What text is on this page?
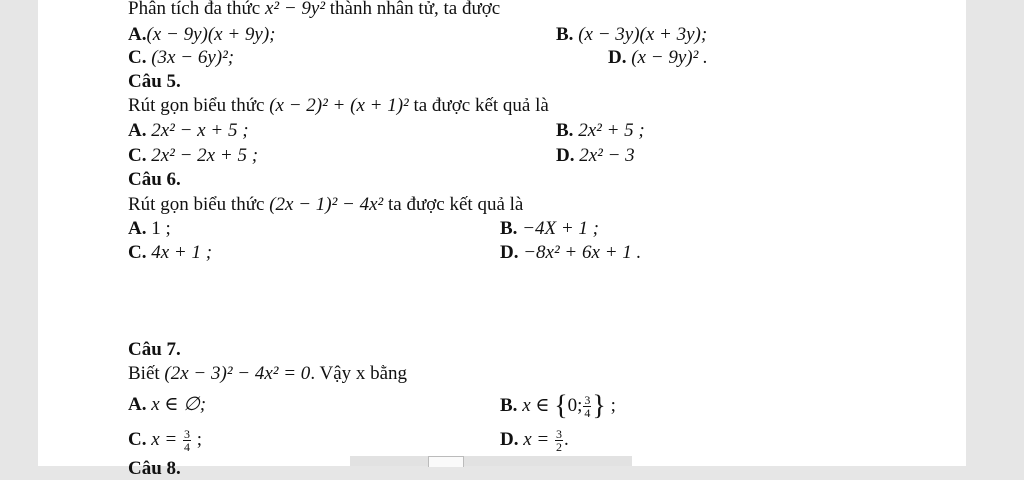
Phân tích đa thức x² − 9y² thành nhân tử, ta được
A.(x − 9y)(x + 9y);	B. (x − 3y)(x + 3y);
C. (3x − 6y)²;	D. (x − 9y)² .
Câu 5.
Rút gọn biểu thức (x − 2)² + (x + 1)² ta được kết quả là
A. 2x² − x + 5 ;	B. 2x² + 5 ;
C. 2x² − 2x + 5 ;	D. 2x² − 3
Câu 6.
Rút gọn biểu thức (2x − 1)² − 4x² ta được kết quả là
A. 1 ;	B. −4X + 1 ;
C. 4x + 1 ;	D. −8x² + 6x + 1 .
Câu 7.
Biết (2x − 3)² − 4x² = 0. Vậy x bằng
A. x ∈ ∅;	B. x ∈ {0; $\frac{3}{4}$ } ;
C. $x = \frac{3}{4}$ ;	D. $x = \frac{3}{2}$ .
Câu 8.
